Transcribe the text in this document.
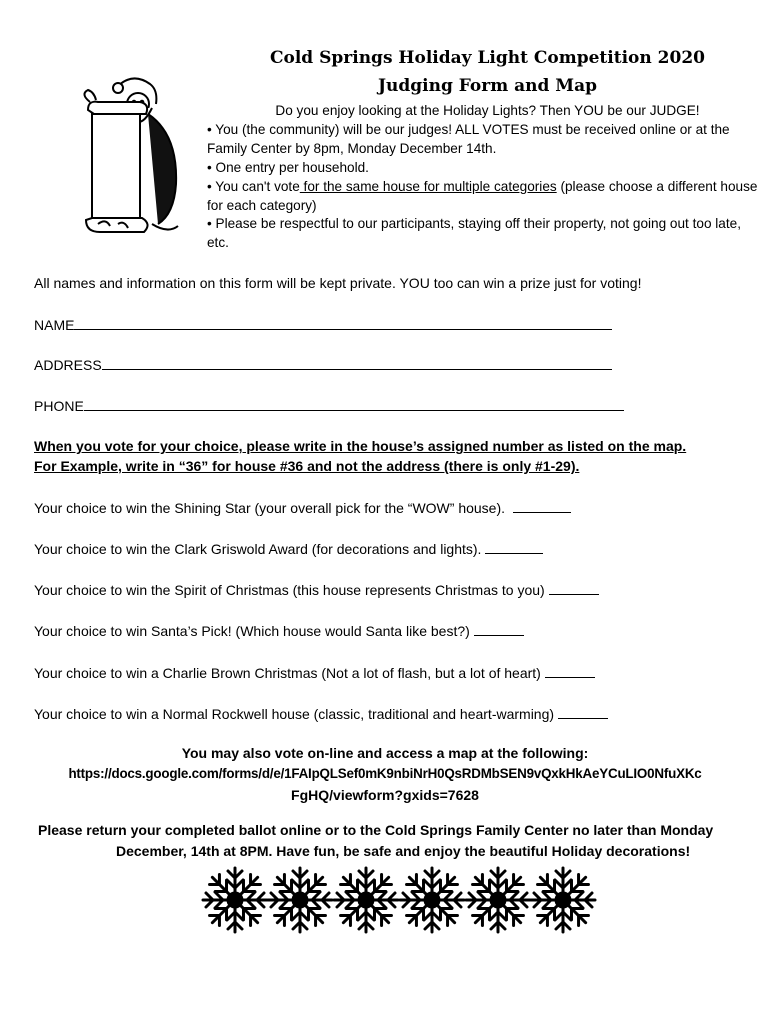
Cold Springs Holiday Light Competition 2020
Judging Form and Map
Do you enjoy looking at the Holiday Lights? Then YOU be our JUDGE!
• You (the community) will be our judges! ALL VOTES must be received online or at the
Family Center by 8pm, Monday December 14th.
• One entry per household.
• You can't vote for the same house for multiple categories (please choose a different house
for each category)
• Please be respectful to our participants, staying off their property, not going out too late,
etc.
All names and information on this form will be kept private. YOU too can win a prize just for voting!
NAME
ADDRESS
PHONE
When you vote for your choice, please write in the house’s assigned number as listed on the map.
For Example, write in “36” for house #36 and not the address (there is only #1-29).
Your choice to win the Shining Star (your overall pick for the “WOW” house).
Your choice to win the Clark Griswold Award (for decorations and lights).
Your choice to win the Spirit of Christmas (this house represents Christmas to you)
Your choice to win Santa’s Pick! (Which house would Santa like best?)
Your choice to win a Charlie Brown Christmas (Not a lot of flash, but a lot of heart)
Your choice to win a Normal Rockwell house (classic, traditional and heart-warming)
You may also vote on-line and access a map at the following:
https://docs.google.com/forms/d/e/1FAIpQLSef0mK9nbiNrH0QsRDMbSEN9vQxkHkAeYCuLIO0NfuXKc
FgHQ/viewform?gxids=7628
Please return your completed ballot online or to the Cold Springs Family Center no later than Monday
December, 14th at 8PM. Have fun, be safe and enjoy the beautiful Holiday decorations!
